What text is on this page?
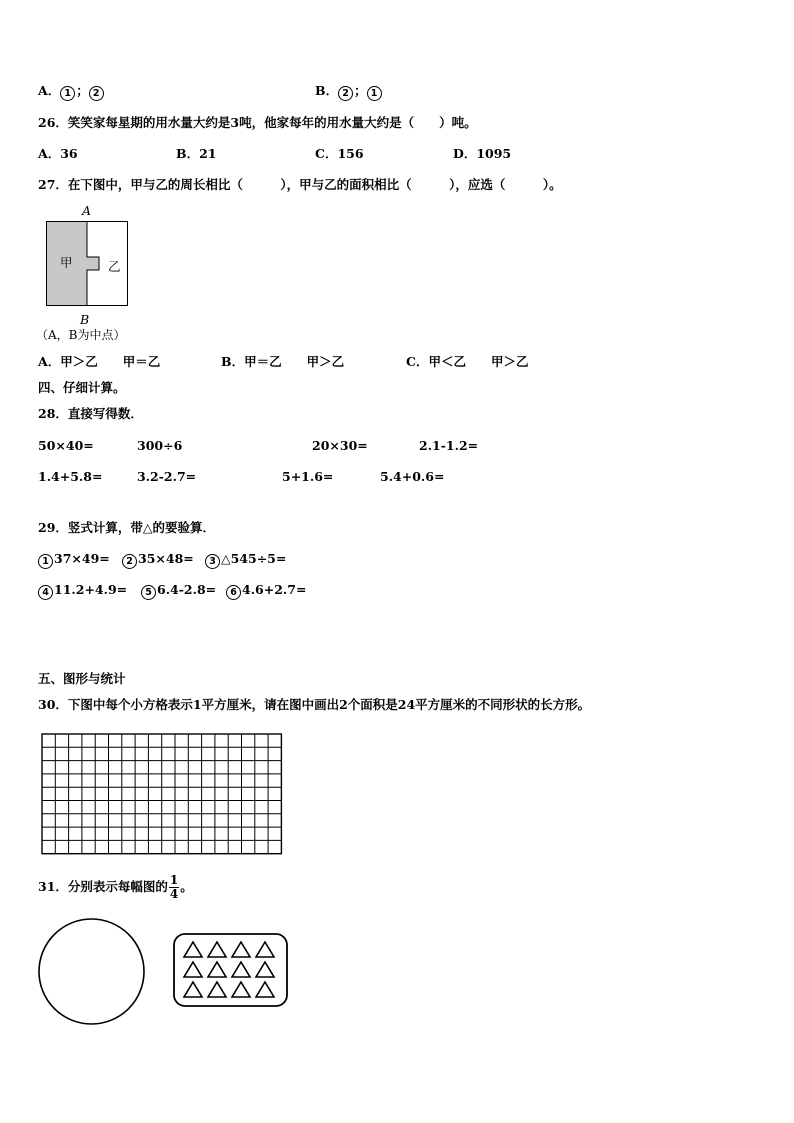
A． 1 ； 2	B． 2 ； 1
26．笑笑家每星期的用水量大约是3吨，他家每年的用水量大约是（　　）吨。
A．36	B．21	C．156	D．1095
27．在下图中，甲与乙的周长相比（　　　），甲与乙的面积相比（　　　），应选（　　　）。
A
甲	乙
B
（A，B为中点）
A．甲＞乙　　甲＝乙	B．甲＝乙　　甲＞乙	C．甲＜乙　　甲＞乙
四、仔细计算。
28．直接写得数．
50×40=	300÷6	20×30=	2.1-1.2=
1.4+5.8=	3.2-2.7=	5+1.6=	5.4+0.6=
29．竖式计算，带△的要验算．
1 37×49=	2 35×48=	3 △545÷5=
4 11.2+4.9=	5 6.4-2.8=	6 4.6+2.7=
五、图形与统计
30．下图中每个小方格表示1平方厘米，请在图中画出2个面积是24平方厘米的不同形状的长方形。
31．分别表示每幅图的 $\frac{1}{4}$ 。
